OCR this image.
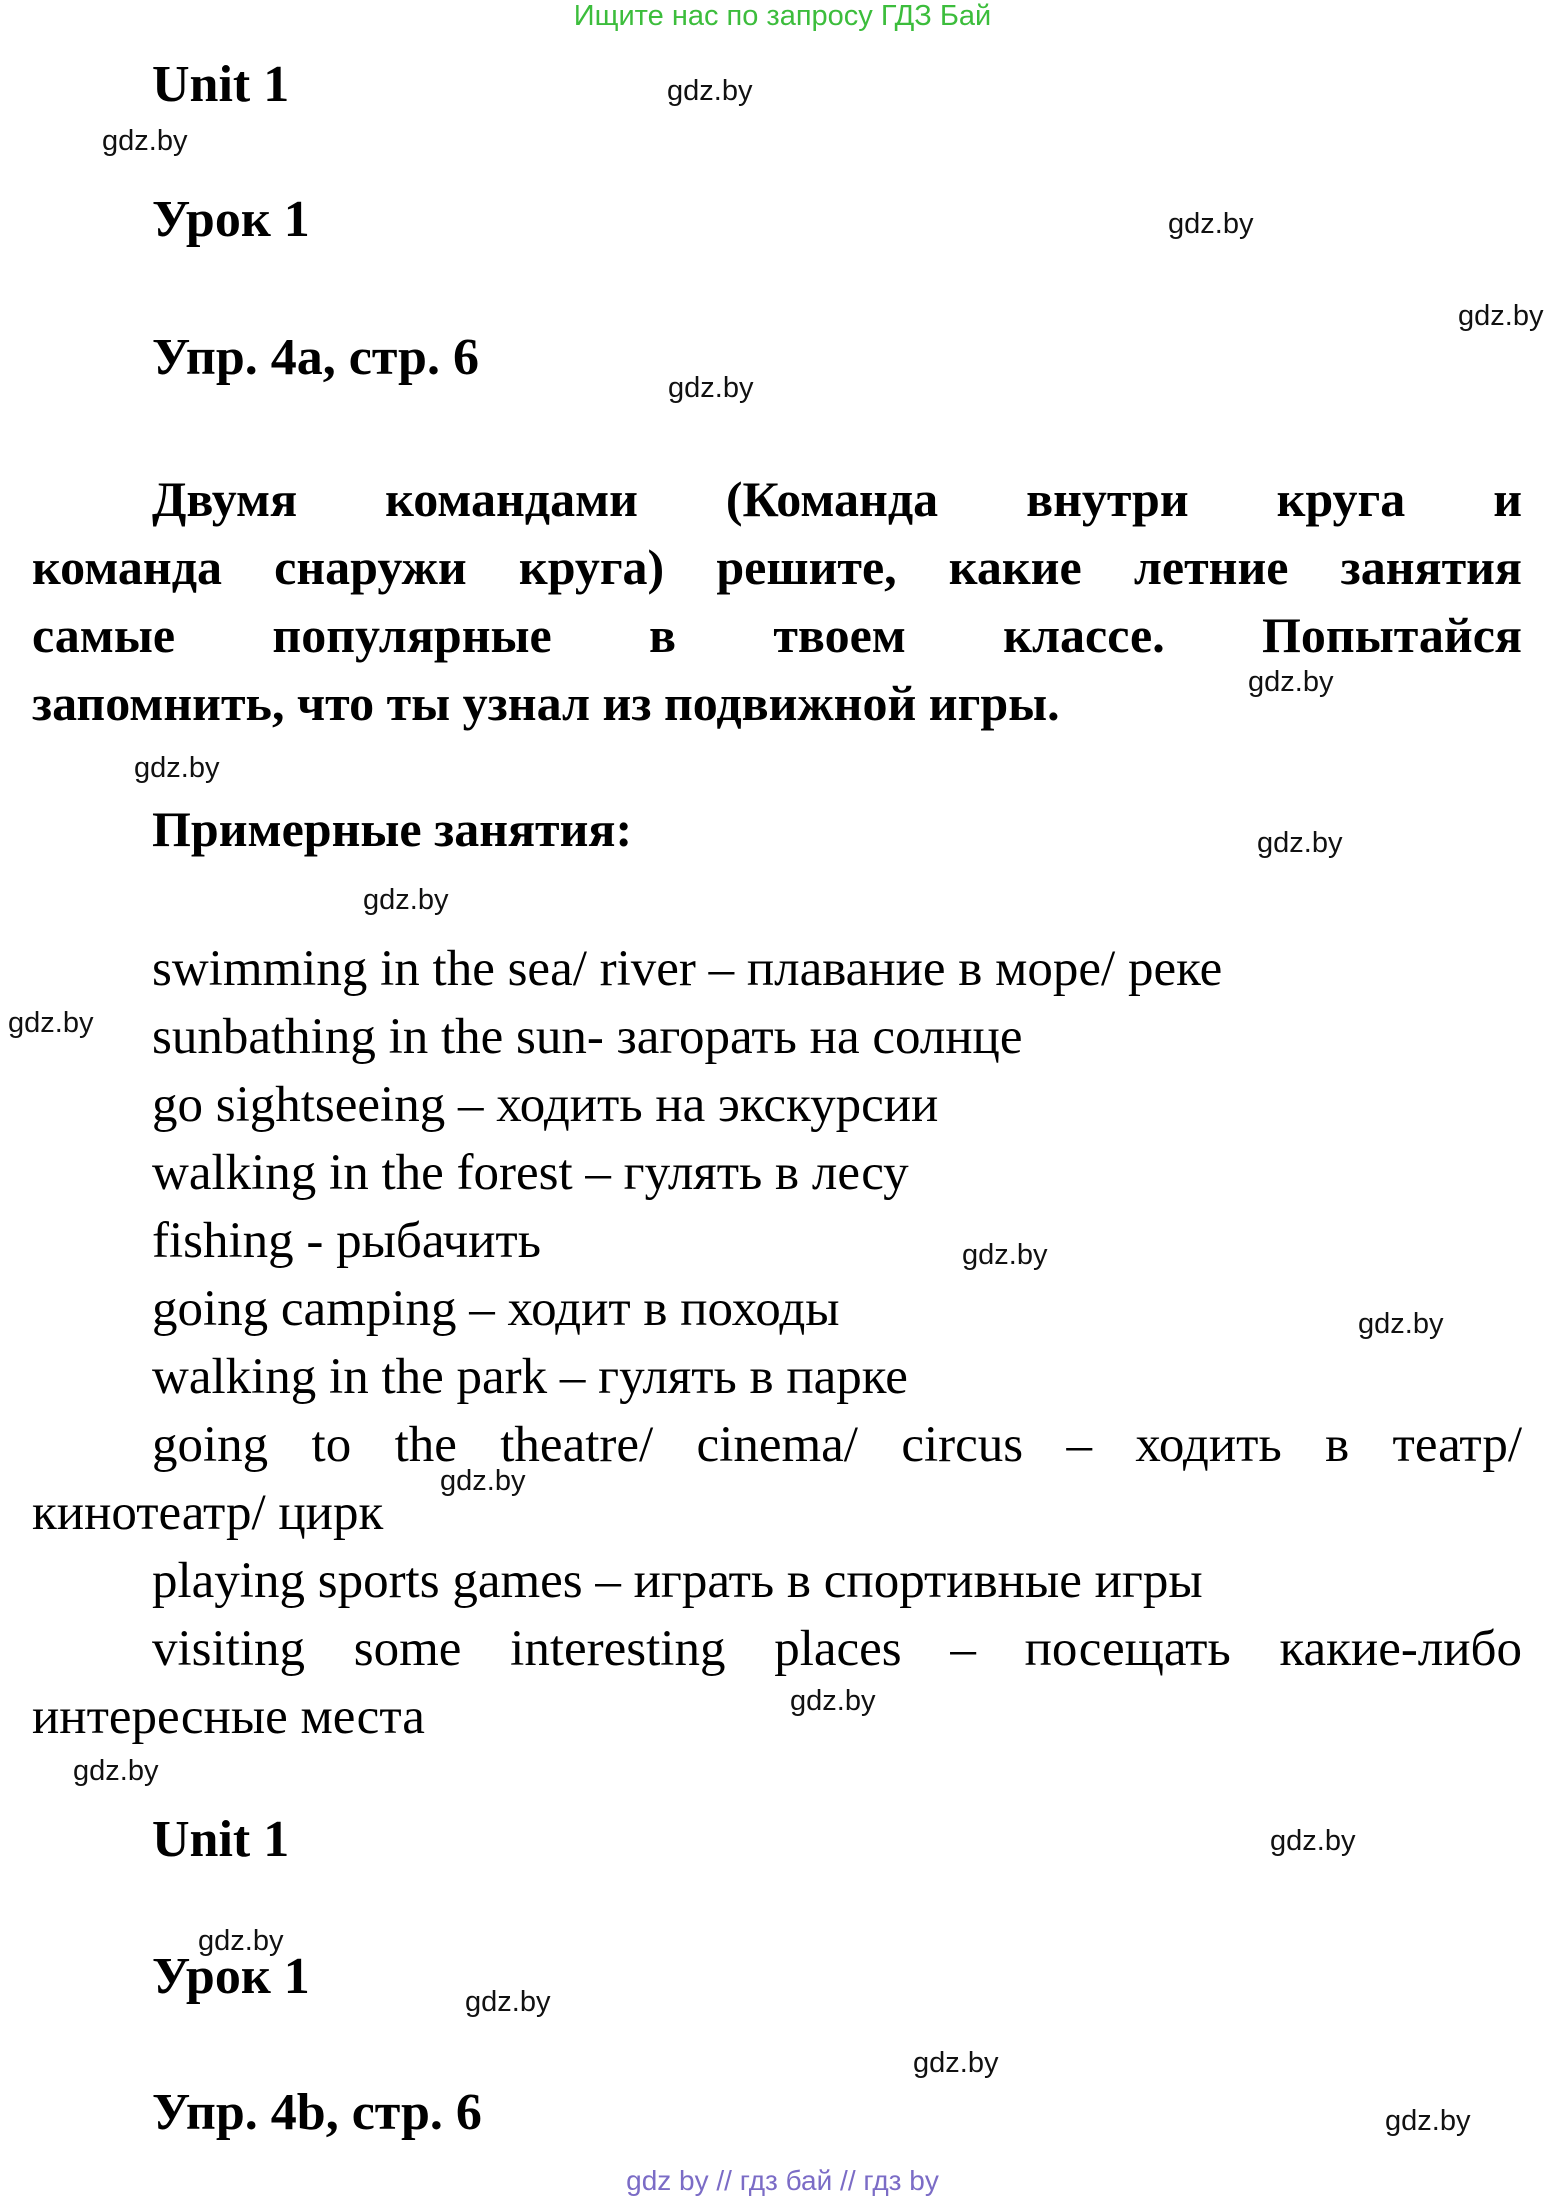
Ищите нас по запросу ГДЗ Бай
Unit 1
Урок 1
Упр. 4a, стр. 6
Двумя командами (Команда внутри круга и
команда снаружи круга) решите, какие летние занятия
самые популярные в твоем классе. Попытайся
запомнить, что ты узнал из подвижной игры.
Примерные занятия:
swimming in the sea/ river – плавание в море/ реке
sunbathing in the sun- загорать на солнце
go sightseeing – ходить на экскурсии
walking in the forest – гулять в лесу
fishing - рыбачить
going camping – ходит в походы
walking in the park – гулять в парке
going to the theatre/ cinema/ circus – ходить в театр/
кинотеатр/ цирк
playing sports games – играть в спортивные игры
visiting some interesting places – посещать какие-либо
интересные места
Unit 1
Урок 1
Упр. 4b, стр. 6
gdz.by
gdz.by
gdz.by
gdz.by
gdz.by
gdz.by
gdz.by
gdz.by
gdz.by
gdz.by
gdz.by
gdz.by
gdz.by
gdz.by
gdz.by
gdz.by
gdz.by
gdz.by
gdz.by
gdz.by
gdz by // гдз бай // гдз by
